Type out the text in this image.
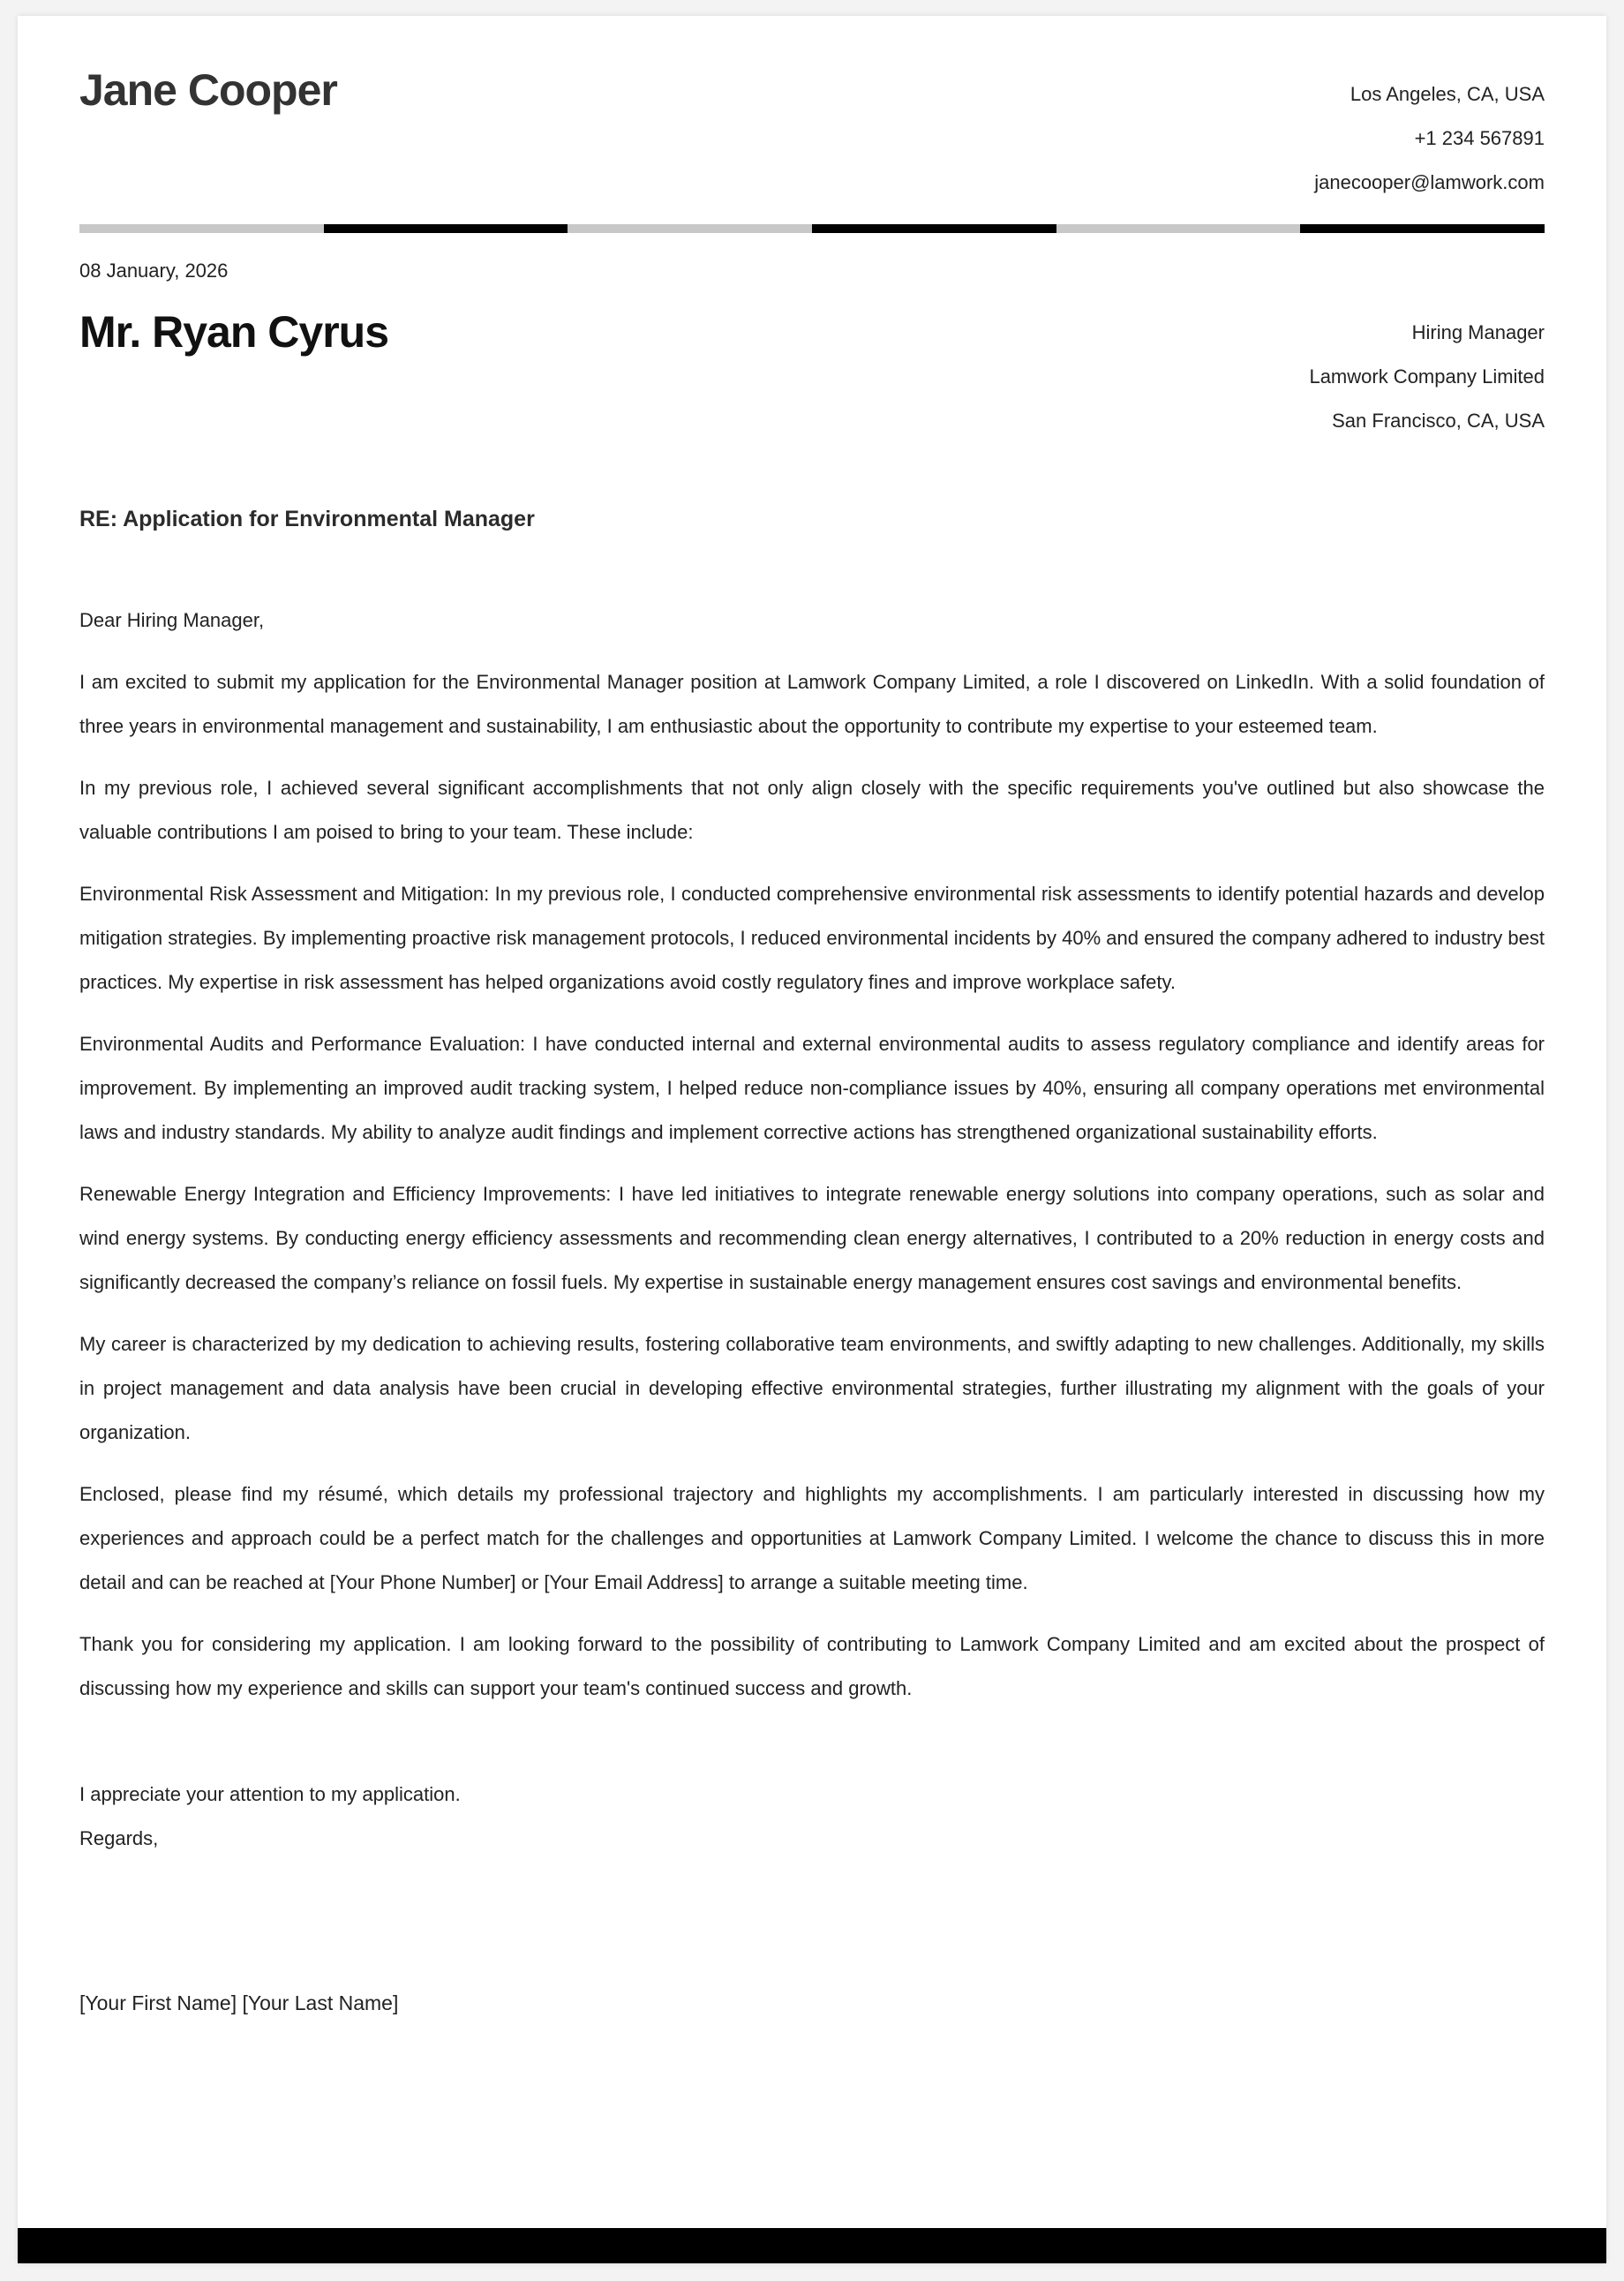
Jane Cooper	Los Angeles, CA, USA
+1 234 567891
janecooper@lamwork.com
08 January, 2026
Mr. Ryan Cyrus	Hiring Manager
Lamwork Company Limited
San Francisco, CA, USA
RE: Application for Environmental Manager

Dear Hiring Manager,

I am excited to submit my application for the Environmental Manager position at Lamwork Company Limited, a role I discovered on LinkedIn. With a solid foundation of three years in environmental management and sustainability, I am enthusiastic about the opportunity to contribute my expertise to your esteemed team.

In my previous role, I achieved several significant accomplishments that not only align closely with the specific requirements you've outlined but also showcase the valuable contributions I am poised to bring to your team. These include:

Environmental Risk Assessment and Mitigation: In my previous role, I conducted comprehensive environmental risk assessments to identify potential hazards and develop mitigation strategies. By implementing proactive risk management protocols, I reduced environmental incidents by 40% and ensured the company adhered to industry best practices. My expertise in risk assessment has helped organizations avoid costly regulatory fines and improve workplace safety.

Environmental Audits and Performance Evaluation: I have conducted internal and external environmental audits to assess regulatory compliance and identify areas for improvement. By implementing an improved audit tracking system, I helped reduce non-compliance issues by 40%, ensuring all company operations met environmental laws and industry standards. My ability to analyze audit findings and implement corrective actions has strengthened organizational sustainability efforts.

Renewable Energy Integration and Efficiency Improvements: I have led initiatives to integrate renewable energy solutions into company operations, such as solar and wind energy systems. By conducting energy efficiency assessments and recommending clean energy alternatives, I contributed to a 20% reduction in energy costs and significantly decreased the company’s reliance on fossil fuels. My expertise in sustainable energy management ensures cost savings and environmental benefits.

My career is characterized by my dedication to achieving results, fostering collaborative team environments, and swiftly adapting to new challenges. Additionally, my skills in project management and data analysis have been crucial in developing effective environmental strategies, further illustrating my alignment with the goals of your organization.

Enclosed, please find my résumé, which details my professional trajectory and highlights my accomplishments. I am particularly interested in discussing how my experiences and approach could be a perfect match for the challenges and opportunities at Lamwork Company Limited. I welcome the chance to discuss this in more detail and can be reached at [Your Phone Number] or [Your Email Address] to arrange a suitable meeting time.

Thank you for considering my application. I am looking forward to the possibility of contributing to Lamwork Company Limited and am excited about the prospect of discussing how my experience and skills can support your team's continued success and growth.

I appreciate your attention to my application.
Regards,
[Your First Name] [Your Last Name]
